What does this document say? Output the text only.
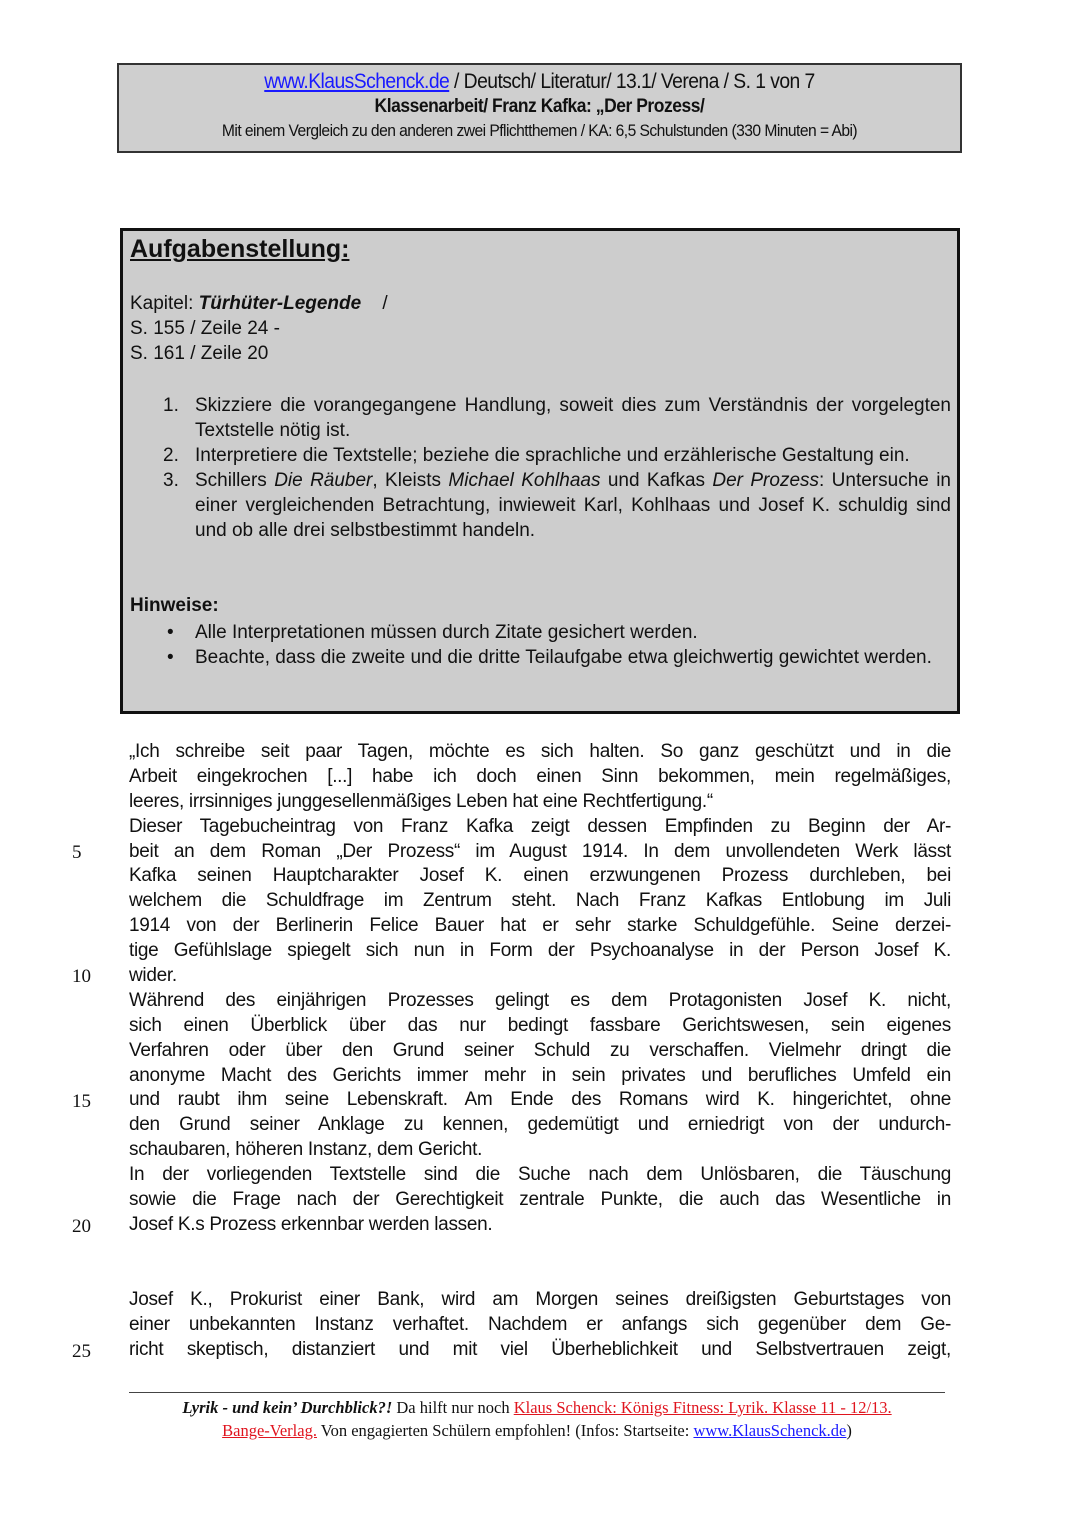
www.KlausSchenck.de / Deutsch/ Literatur/ 13.1/ Verena / S. 1 von 7
Klassenarbeit/ Franz Kafka: „Der Prozess/
Mit einem Vergleich zu den anderen zwei Pflichtthemen / KA: 6,5 Schulstunden (330 Minuten = Abi)
Aufgabenstellung:
Kapitel: Türhüter-Legende    /
S. 155 / Zeile 24 -
S. 161 / Zeile 20
1. Skizziere die vorangegangene Handlung, soweit dies zum Verständnis der vorgelegten Textstelle nötig ist.
2. Interpretiere die Textstelle; beziehe die sprachliche und erzählerische Gestaltung ein.
3. Schillers Die Räuber, Kleists Michael Kohlhaas und Kafkas Der Prozess: Untersuche in einer vergleichenden Betrachtung, inwieweit Karl, Kohlhaas und Josef K. schuldig sind und ob alle drei selbstbestimmt handeln.
Hinweise:
• Alle Interpretationen müssen durch Zitate gesichert werden.
• Beachte, dass die zweite und die dritte Teilaufgabe etwa gleichwertig gewichtet werden.
„Ich schreibe seit paar Tagen, möchte es sich halten. So ganz geschützt und in die
Arbeit eingekrochen [...] habe ich doch einen Sinn bekommen, mein regelmäßiges,
leeres, irrsinniges junggesellenmäßiges Leben hat eine Rechtfertigung.“
Dieser Tagebucheintrag von Franz Kafka zeigt dessen Empfinden zu Beginn der Ar-
beit an dem Roman „Der Prozess“ im August 1914. In dem unvollendeten Werk lässt
Kafka seinen Hauptcharakter Josef K. einen erzwungenen Prozess durchleben, bei
welchem die Schuldfrage im Zentrum steht. Nach Franz Kafkas Entlobung im Juli
1914 von der Berlinerin Felice Bauer hat er sehr starke Schuldgefühle. Seine derzei-
tige Gefühlslage spiegelt sich nun in Form der Psychoanalyse in der Person Josef K.
wider.
Während des einjährigen Prozesses gelingt es dem Protagonisten Josef K. nicht,
sich einen Überblick über das nur bedingt fassbare Gerichtswesen, sein eigenes
Verfahren oder über den Grund seiner Schuld zu verschaffen. Vielmehr dringt die
anonyme Macht des Gerichts immer mehr in sein privates und berufliches Umfeld ein
und raubt ihm seine Lebenskraft. Am Ende des Romans wird K. hingerichtet, ohne
den Grund seiner Anklage zu kennen, gedemütigt und erniedrigt von der undurch-
schaubaren, höheren Instanz, dem Gericht.
In der vorliegenden Textstelle sind die Suche nach dem Unlösbaren, die Täuschung
sowie die Frage nach der Gerechtigkeit zentrale Punkte, die auch das Wesentliche in
Josef K.s Prozess erkennbar werden lassen.
Josef K., Prokurist einer Bank, wird am Morgen seines dreißigsten Geburtstages von
einer unbekannten Instanz verhaftet. Nachdem er anfangs sich gegenüber dem Ge-
richt skeptisch, distanziert und mit viel Überheblichkeit und Selbstvertrauen zeigt,
5
10
15
20
25
Lyrik - und kein’ Durchblick?! Da hilft nur noch Klaus Schenck: Königs Fitness: Lyrik. Klasse 11 - 12/13.
Bange-Verlag. Von engagierten Schülern empfohlen! (Infos: Startseite: www.KlausSchenck.de)
